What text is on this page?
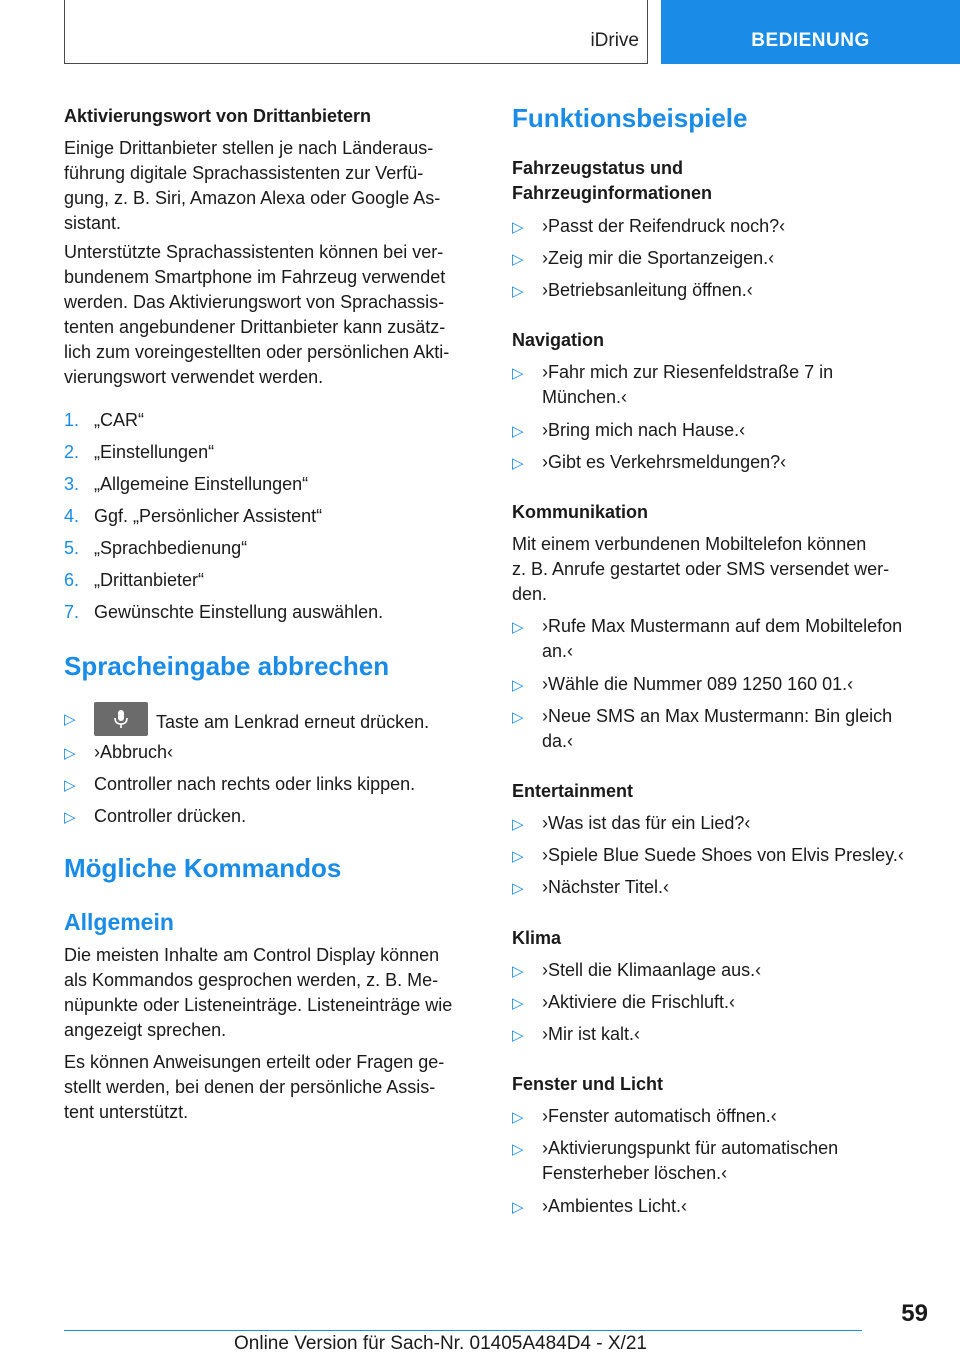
iDrive	BEDIENUNG
Aktivierungswort von Drittanbietern
Einige Drittanbieter stellen je nach Länderaus-
führung digitale Sprachassistenten zur Verfü-
gung, z. B. Siri, Amazon Alexa oder Google As-
sistant.
Unterstützte Sprachassistenten können bei ver-
bundenem Smartphone im Fahrzeug verwendet
werden. Das Aktivierungswort von Sprachassis-
tenten angebundener Drittanbieter kann zusätz-
lich zum voreingestellten oder persönlichen Akti-
vierungswort verwendet werden.
1. „CAR“
2. „Einstellungen“
3. „Allgemeine Einstellungen“
4. Ggf. „Persönlicher Assistent“
5. „Sprachbedienung“
6. „Drittanbieter“
7. Gewünschte Einstellung auswählen.
Spracheingabe abbrechen
▷	Taste am Lenkrad erneut drücken.
▷ ›Abbruch‹
▷ Controller nach rechts oder links kippen.
▷ Controller drücken.
Mögliche Kommandos
Allgemein
Die meisten Inhalte am Control Display können
als Kommandos gesprochen werden, z. B. Me-
nüpunkte oder Listeneinträge. Listeneinträge wie
angezeigt sprechen.
Es können Anweisungen erteilt oder Fragen ge-
stellt werden, bei denen der persönliche Assis-
tent unterstützt.
Funktionsbeispiele
Fahrzeugstatus und
Fahrzeuginformationen
▷ ›Passt der Reifendruck noch?‹
▷ ›Zeig mir die Sportanzeigen.‹
▷ ›Betriebsanleitung öffnen.‹
Navigation
▷ ›Fahr mich zur Riesenfeldstraße 7 in
München.‹
▷ ›Bring mich nach Hause.‹
▷ ›Gibt es Verkehrsmeldungen?‹
Kommunikation
Mit einem verbundenen Mobiltelefon können
z. B. Anrufe gestartet oder SMS versendet wer-
den.
▷ ›Rufe Max Mustermann auf dem Mobiltelefon
an.‹
▷ ›Wähle die Nummer 089 1250 160 01.‹
▷ ›Neue SMS an Max Mustermann: Bin gleich
da.‹
Entertainment
▷ ›Was ist das für ein Lied?‹
▷ ›Spiele Blue Suede Shoes von Elvis Presley.‹
▷ ›Nächster Titel.‹
Klima
▷ ›Stell die Klimaanlage aus.‹
▷ ›Aktiviere die Frischluft.‹
▷ ›Mir ist kalt.‹
Fenster und Licht
▷ ›Fenster automatisch öffnen.‹
▷ ›Aktivierungspunkt für automatischen
Fensterheber löschen.‹
▷ ›Ambientes Licht.‹
59
Online Version für Sach-Nr. 01405A484D4 - X/21
